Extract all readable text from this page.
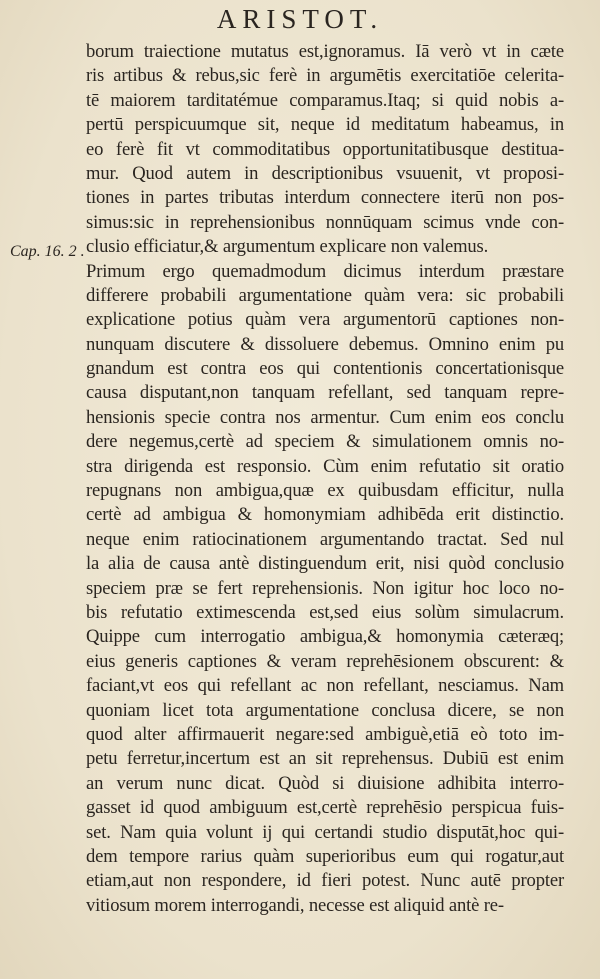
ARISTOT.
Cap. 16. 2 .
borum traiectione mutatus est,ignoramus. Iā verò vt in cæte
ris artibus & rebus,sic ferè in argumētis exercitatiōe celerita-
tē maiorem tarditatémue comparamus.Itaq; si quid nobis a-
pertū perspicuumque sit, neque id meditatum habeamus, in
eo ferè fit vt commoditatibus opportunitatibusque destitua-
mur. Quod autem in descriptionibus vsuuenit, vt proposi-
tiones in partes tributas interdum connectere iterū non pos-
simus:sic in reprehensionibus nonnūquam scimus vnde con-
clusio efficiatur,& argumentum explicare non valemus.
Primum ergo quemadmodum dicimus interdum præstare
differere probabili argumentatione quàm vera: sic probabili
explicatione potius quàm vera argumentorū captiones non-
nunquam discutere & dissoluere debemus. Omnino enim pu
gnandum est contra eos qui contentionis concertationisque
causa disputant,non tanquam refellant, sed tanquam repre-
hensionis specie contra nos armentur. Cum enim eos conclu
dere negemus,certè ad speciem & simulationem omnis no-
stra dirigenda est responsio. Cùm enim refutatio sit oratio
repugnans non ambigua,quæ ex quibusdam efficitur, nulla
certè ad ambigua & homonymiam adhibēda erit distinctio.
neque enim ratiocinationem argumentando tractat. Sed nul
la alia de causa antè distinguendum erit, nisi quòd conclusio
speciem præ se fert reprehensionis. Non igitur hoc loco no-
bis refutatio extimescenda est,sed eius solùm simulacrum.
Quippe cum interrogatio ambigua,& homonymia cæteræq;
eius generis captiones & veram reprehēsionem obscurent: &
faciant,vt eos qui refellant ac non refellant, nesciamus. Nam
quoniam licet tota argumentatione conclusa dicere, se non
quod alter affirmauerit negare:sed ambiguè,etiā eò toto im-
petu ferretur,incertum est an sit reprehensus. Dubiū est enim
an verum nunc dicat. Quòd si diuisione adhibita interro-
gasset id quod ambiguum est,certè reprehēsio perspicua fuis-
set. Nam quia volunt ij qui certandi studio disputāt,hoc qui-
dem tempore rarius quàm superioribus eum qui rogatur,aut
etiam,aut non respondere, id fieri potest. Nunc autē propter
vitiosum morem interrogandi, necesse est aliquid antè re-
